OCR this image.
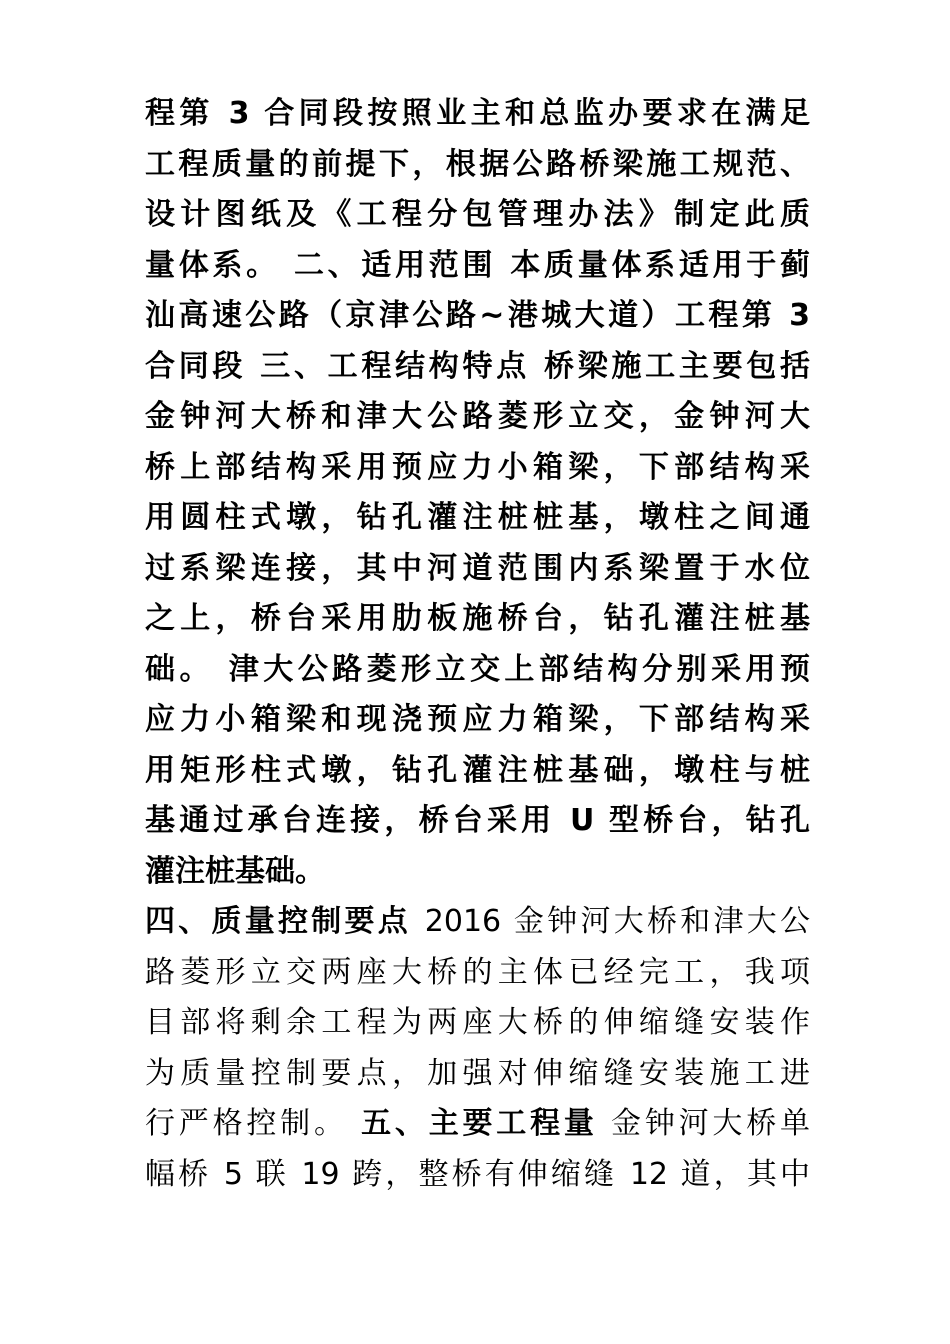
程第 3 合同段按照业主和总监办要求在满足
工程质量的前提下，根据公路桥梁施工规范、
设计图纸及《工程分包管理办法》制定此质
量体系。 二、适用范围 本质量体系适用于蓟
汕高速公路（京津公路~港城大道）工程第 3
合同段 三、工程结构特点 桥梁施工主要包括
金钟河大桥和津大公路菱形立交，金钟河大
桥上部结构采用预应力小箱梁，下部结构采
用圆柱式墩，钻孔灌注桩桩基，墩柱之间通
过系梁连接，其中河道范围内系梁置于水位
之上，桥台采用肋板施桥台，钻孔灌注桩基
础。 津大公路菱形立交上部结构分别采用预
应力小箱梁和现浇预应力箱梁，下部结构采
用矩形柱式墩，钻孔灌注桩基础，墩柱与桩
基通过承台连接，桥台采用 U 型桥台，钻孔
灌注桩基础。
四、质量控制要点 2016 金钟河大桥和津大公
路菱形立交两座大桥的主体已经完工，我项
目部将剩余工程为两座大桥的伸缩缝安装作
为质量控制要点，加强对伸缩缝安装施工进
行严格控制。 五、主要工程量 金钟河大桥单
幅桥 5 联 19 跨，整桥有伸缩缝 12 道，其中
